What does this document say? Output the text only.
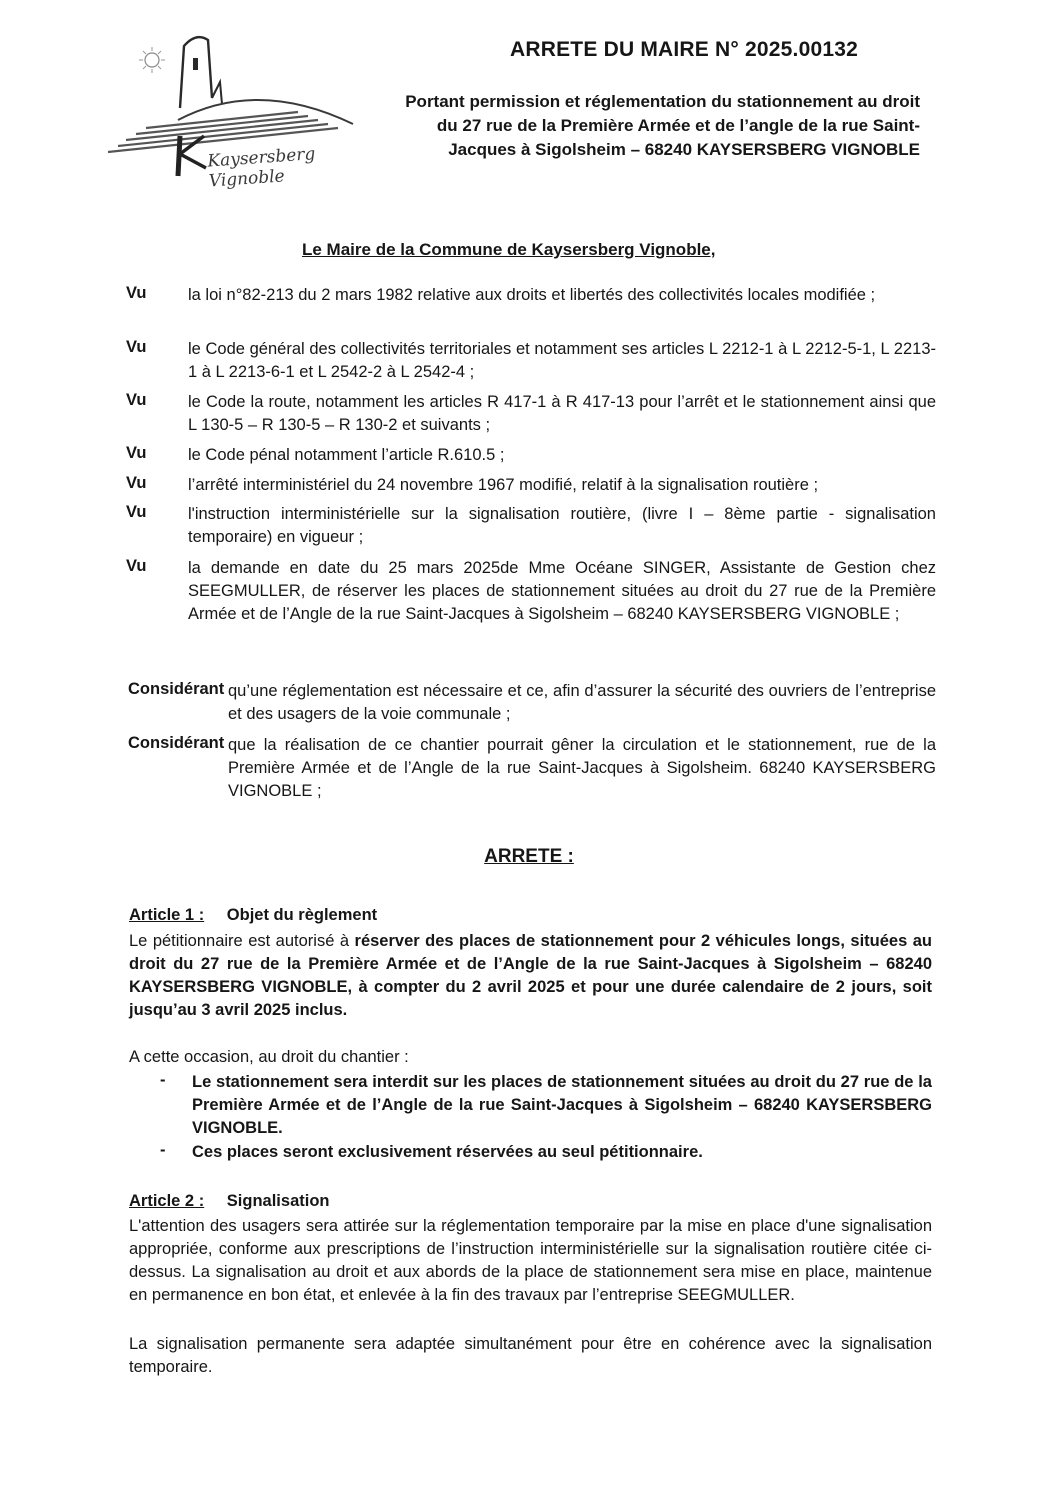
Kaysersberg Vignoble
ARRETE DU MAIRE N° 2025.00132

Portant permission et réglementation du stationnement au droit du 27 rue de la Première Armée et de l’angle de la rue Saint-Jacques à Sigolsheim – 68240 KAYSERSBERG VIGNOBLE

Le Maire de la Commune de Kaysersberg Vignoble,

Vu	la loi n°82-213 du 2 mars 1982 relative aux droits et libertés des collectivités locales modifiée ;
Vu	le Code général des collectivités territoriales et notamment ses articles L 2212-1 à L 2212-5-1, L 2213-1 à L 2213-6-1 et L 2542-2 à L 2542-4 ;
Vu	le Code la route, notamment les articles R 417-1 à R 417-13 pour l’arrêt et le stationnement ainsi que L 130-5 – R 130-5 – R 130-2 et suivants ;
Vu	le Code pénal notamment l’article R.610.5 ;
Vu	l’arrêté interministériel du 24 novembre 1967 modifié, relatif à la signalisation routière ;
Vu	l'instruction interministérielle sur la signalisation routière, (livre I – 8ème partie - signalisation temporaire) en vigueur ;
Vu	la demande en date du 25 mars 2025de Mme Océane SINGER, Assistante de Gestion chez SEEGMULLER, de réserver les places de stationnement situées au droit du 27 rue de la Première Armée et de l’Angle de la rue Saint-Jacques à Sigolsheim – 68240 KAYSERSBERG VIGNOBLE ;
Considérant qu’une réglementation est nécessaire et ce, afin d’assurer la sécurité des ouvriers de l’entreprise et des usagers de la voie communale ;
Considérant que la réalisation de ce chantier pourrait gêner la circulation et le stationnement, rue de la Première Armée et de l’Angle de la rue Saint-Jacques à Sigolsheim. 68240 KAYSERSBERG VIGNOBLE ;

ARRETE :

Article 1 : Objet du règlement
Le pétitionnaire est autorisé à réserver des places de stationnement pour 2 véhicules longs, situées au droit du 27 rue de la Première Armée et de l’Angle de la rue Saint-Jacques à Sigolsheim – 68240 KAYSERSBERG VIGNOBLE, à compter du 2 avril 2025 et pour une durée calendaire de 2 jours, soit jusqu’au 3 avril 2025 inclus.
A cette occasion, au droit du chantier :
-	Le stationnement sera interdit sur les places de stationnement situées au droit du 27 rue de la Première Armée et de l’Angle de la rue Saint-Jacques à Sigolsheim – 68240 KAYSERSBERG VIGNOBLE.
-	Ces places seront exclusivement réservées au seul pétitionnaire.
Article 2 : Signalisation
L'attention des usagers sera attirée sur la réglementation temporaire par la mise en place d'une signalisation appropriée, conforme aux prescriptions de l’instruction interministérielle sur la signalisation routière citée ci-dessus. La signalisation au droit et aux abords de la place de stationnement sera mise en place, maintenue en permanence en bon état, et enlevée à la fin des travaux par l’entreprise SEEGMULLER.
La signalisation permanente sera adaptée simultanément pour être en cohérence avec la signalisation temporaire.
